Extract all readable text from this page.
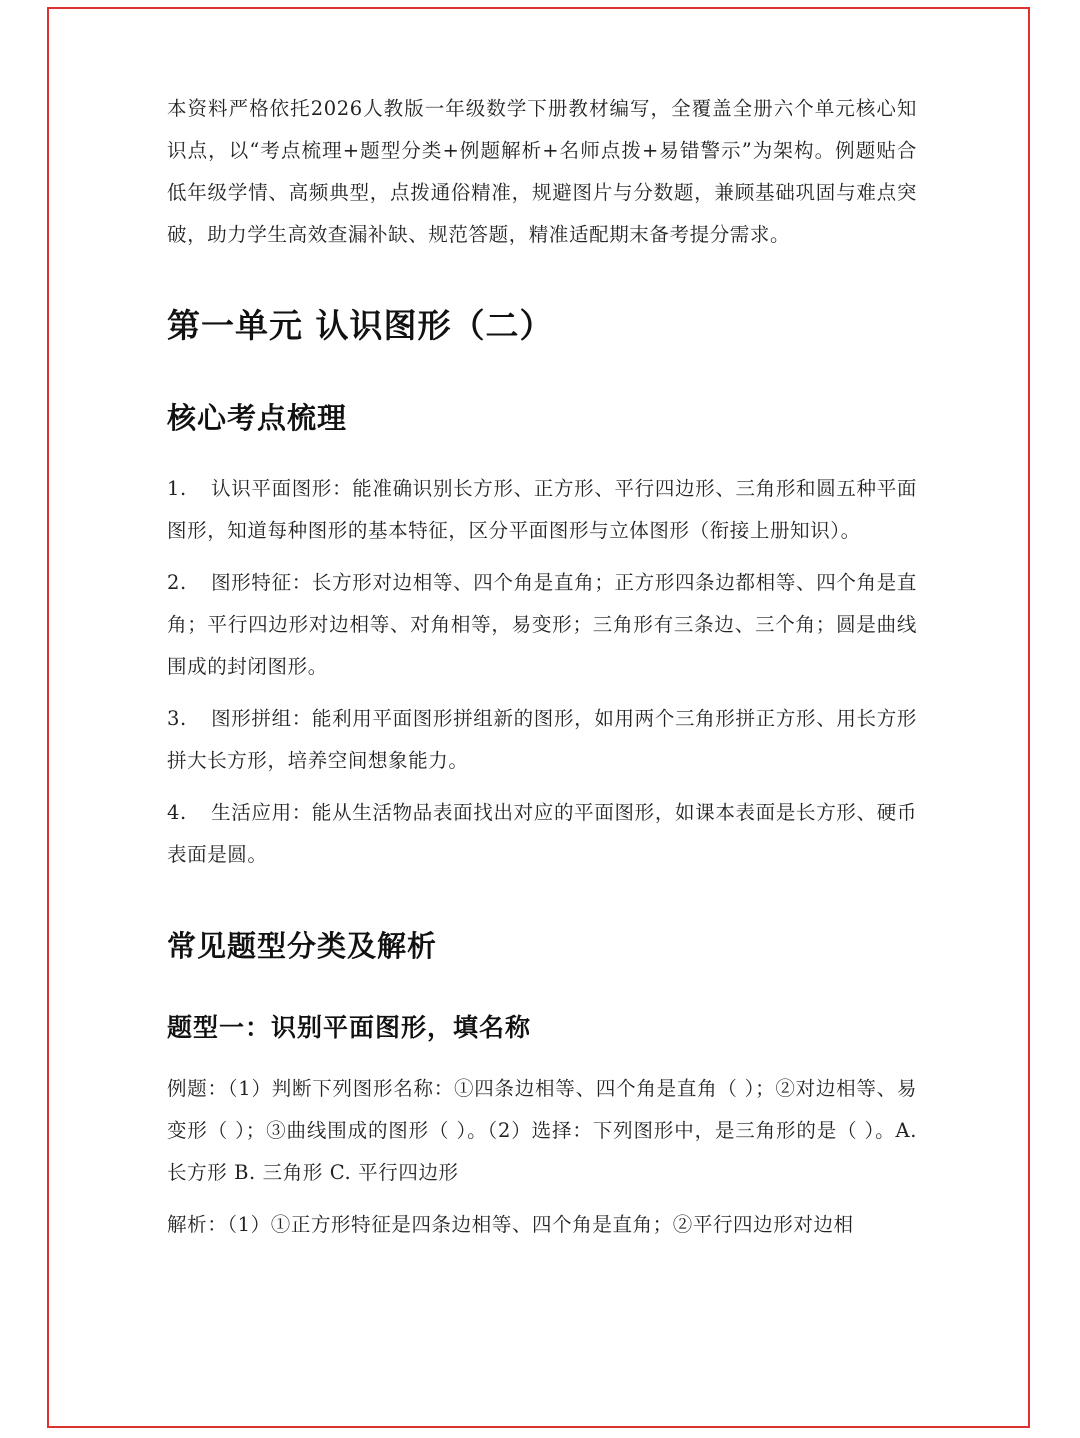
本资料严格依托2026人教版一年级数学下册教材编写，全覆盖全册六个单元核心知识点，以“考点梳理+题型分类+例题解析+名师点拨+易错警示”为架构。例题贴合低年级学情、高频典型，点拨通俗精准，规避图片与分数题，兼顾基础巩固与难点突破，助力学生高效查漏补缺、规范答题，精准适配期末备考提分需求。

第一单元 认识图形（二）
核心考点梳理
1. 认识平面图形：能准确识别长方形、正方形、平行四边形、三角形和圆五种平面图形，知道每种图形的基本特征，区分平面图形与立体图形（衔接上册知识）。
2. 图形特征：长方形对边相等、四个角是直角；正方形四条边都相等、四个角是直角；平行四边形对边相等、对角相等，易变形；三角形有三条边、三个角；圆是曲线围成的封闭图形。
3. 图形拼组：能利用平面图形拼组新的图形，如用两个三角形拼正方形、用长方形拼大长方形，培养空间想象能力。
4. 生活应用：能从生活物品表面找出对应的平面图形，如课本表面是长方形、硬币表面是圆。
常见题型分类及解析
题型一：识别平面图形，填名称

例题：（1）判断下列图形名称：①四条边相等、四个角是直角（ ）；②对边相等、易变形（ ）；③曲线围成的图形（ ）。（2）选择：下列图形中，是三角形的是（ ）。A. 长方形 B. 三角形 C. 平行四边形

解析：（1）①正方形特征是四条边相等、四个角是直角；②平行四边形对边相
